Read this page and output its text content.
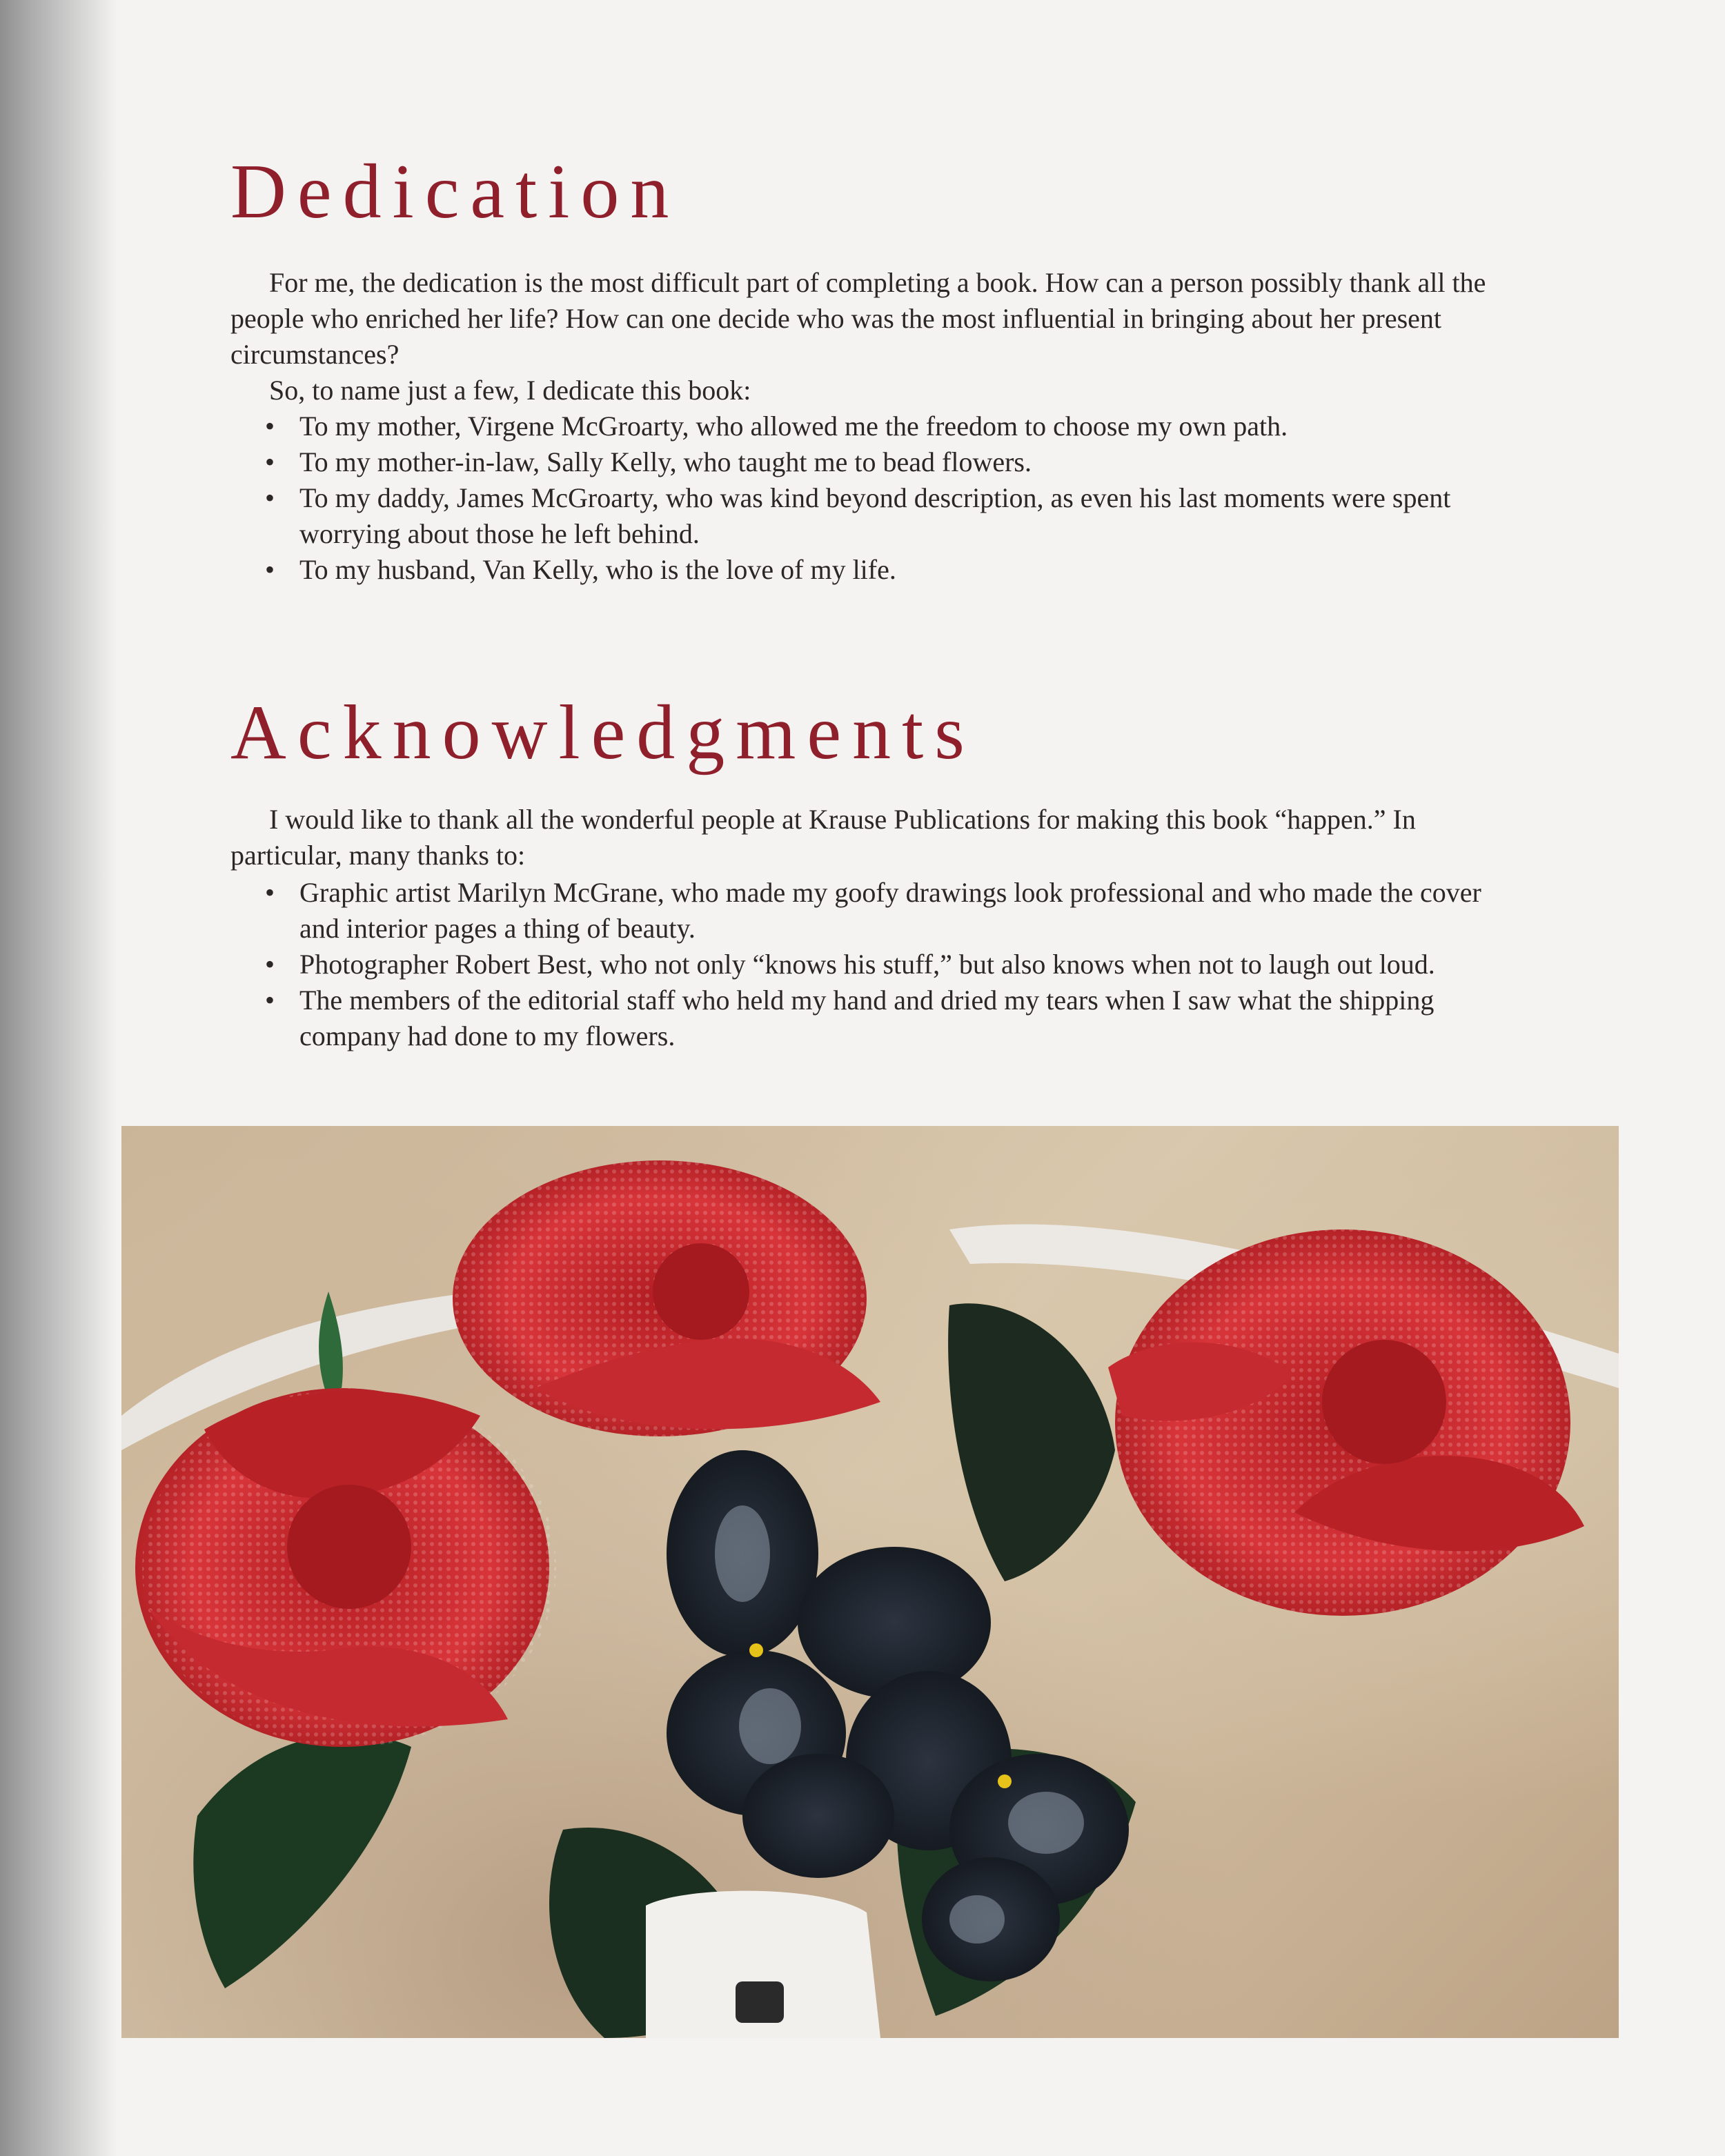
Dedication

For me, the dedication is the most difficult part of completing a book. How can a person possibly thank all the people who enriched her life? How can one decide who was the most influential in bringing about her present circumstances?

So, to name just a few, I dedicate this book:

• To my mother, Virgene McGroarty, who allowed me the freedom to choose my own path.
• To my mother-in-law, Sally Kelly, who taught me to bead flowers.
• To my daddy, James McGroarty, who was kind beyond description, as even his last moments were spent worrying about those he left behind.
• To my husband, Van Kelly, who is the love of my life.
Acknowledgments

I would like to thank all the wonderful people at Krause Publications for making this book “happen.” In particular, many thanks to:

• Graphic artist Marilyn McGrane, who made my goofy drawings look professional and who made the cover and interior pages a thing of beauty.
• Photographer Robert Best, who not only “knows his stuff,” but also knows when not to laugh out loud.
• The members of the editorial staff who held my hand and dried my tears when I saw what the shipping company had done to my flowers.
